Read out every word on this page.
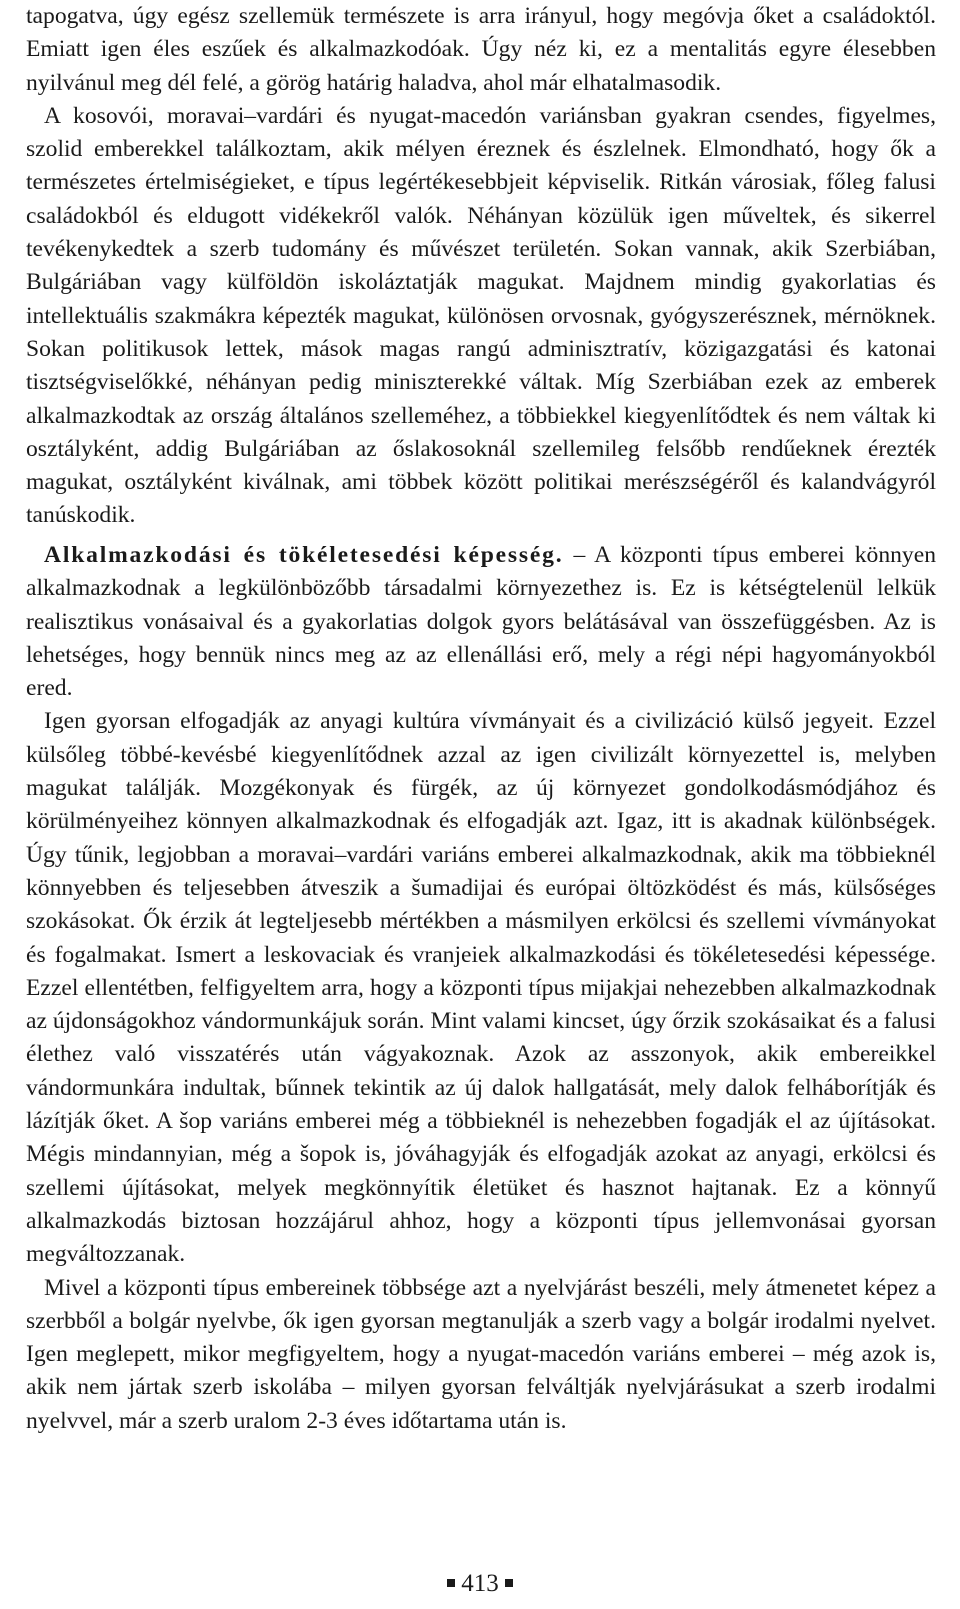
tapogatva, úgy egész szellemük természete is arra irányul, hogy megóvja őket a családoktól. Emiatt igen éles eszűek és alkalmazkodóak. Úgy néz ki, ez a mentalitás egyre élesebben nyilvánul meg dél felé, a görög határig haladva, ahol már elhatalmasodik.

A kosovói, moravai–vardári és nyugat-macedón variánsban gyakran csendes, figyelmes, szolid emberekkel találkoztam, akik mélyen éreznek és észlelnek. Elmondható, hogy ők a természetes értelmiségieket, e típus legértékesebbjeit képviselik. Ritkán városiak, főleg falusi családokból és eldugott vidékekről valók. Néhányan közülük igen műveltek, és sikerrel tevékenykedtek a szerb tudomány és művészet területén. Sokan vannak, akik Szerbiában, Bulgáriában vagy külföldön iskoláztatják magukat. Majdnem mindig gyakorlatias és intellektuális szakmákra képezték magukat, különösen orvosnak, gyógyszerésznek, mérnöknek. Sokan politikusok lettek, mások magas rangú adminisztratív, közigazgatási és katonai tisztségviselőkké, néhányan pedig miniszterekké váltak. Míg Szerbiában ezek az emberek alkalmazkodtak az ország általános szelleméhez, a többiekkel kiegyenlítődtek és nem váltak ki osztályként, addig Bulgáriában az őslakosoknál szellemileg felsőbb rendűeknek érezték magukat, osztályként kiválnak, ami többek között politikai merészségéről és kalandvágyról tanúskodik.

Alkalmazkodási és tökéletesedési képesség. – A központi típus emberei könnyen alkalmazkodnak a legkülönbözőbb társadalmi környezethez is. Ez is kétségtelenül lelkük realisztikus vonásaival és a gyakorlatias dolgok gyors belátásával van összefüggésben. Az is lehetséges, hogy bennük nincs meg az az ellenállási erő, mely a régi népi hagyományokból ered.

Igen gyorsan elfogadják az anyagi kultúra vívmányait és a civilizáció külső jegyeit. Ezzel külsőleg többé-kevésbé kiegyenlítődnek azzal az igen civilizált környezettel is, melyben magukat találják. Mozgékonyak és fürgék, az új környezet gondolkodásmódjához és körülményeihez könnyen alkalmazkodnak és elfogadják azt. Igaz, itt is akadnak különbségek. Úgy tűnik, legjobban a moravai–vardári variáns emberei alkalmazkodnak, akik ma többieknél könnyebben és teljesebben átveszik a šumadijai és európai öltözködést és más, külsőséges szokásokat. Ők érzik át legteljesebb mértékben a másmilyen erkölcsi és szellemi vívmányokat és fogalmakat. Ismert a leskovaciak és vranjeiek alkalmazkodási és tökéletesedési képessége. Ezzel ellentétben, felfigyeltem arra, hogy a központi típus mijakjai nehezebben alkalmazkodnak az újdonságokhoz vándormunkájuk során. Mint valami kincset, úgy őrzik szokásaikat és a falusi élethez való visszatérés után vágyakoznak. Azok az asszonyok, akik embereikkel vándormunkára indultak, bűnnek tekintik az új dalok hallgatását, mely dalok felháborítják és lázítják őket. A šop variáns emberei még a többieknél is nehezebben fogadják el az újításokat. Mégis mindannyian, még a šopok is, jóváhagyják és elfogadják azokat az anyagi, erkölcsi és szellemi újításokat, melyek megkönnyítik életüket és hasznot hajtanak. Ez a könnyű alkalmazkodás biztosan hozzájárul ahhoz, hogy a központi típus jellemvonásai gyorsan megváltozzanak.

Mivel a központi típus embereinek többsége azt a nyelvjárást beszéli, mely átmenetet képez a szerbből a bolgár nyelvbe, ők igen gyorsan megtanulják a szerb vagy a bolgár irodalmi nyelvet. Igen meglepett, mikor megfigyeltem, hogy a nyugat-macedón variáns emberei – még azok is, akik nem jártak szerb iskolába – milyen gyorsan felváltják nyelvjárásukat a szerb irodalmi nyelvvel, már a szerb uralom 2-3 éves időtartama után is.

413
